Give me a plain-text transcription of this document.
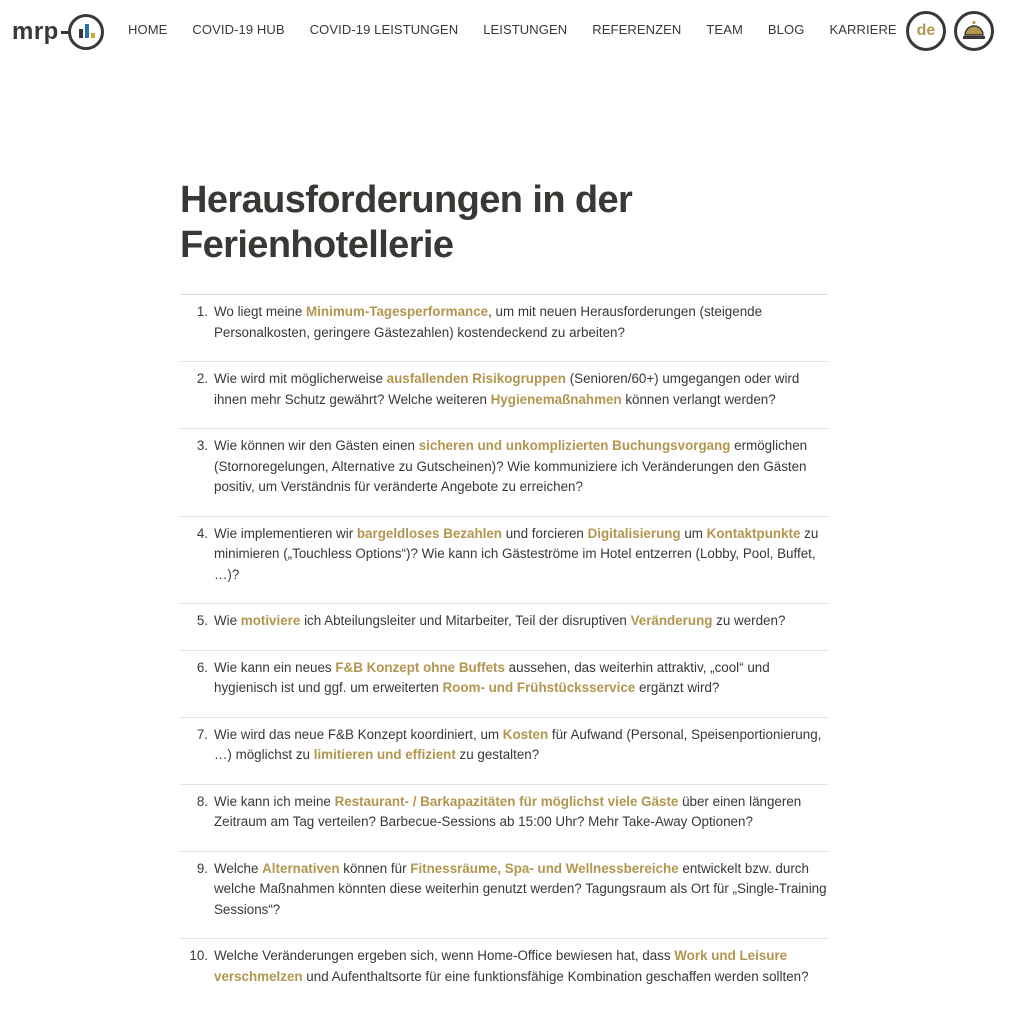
mrp	HOME COVID-19 HUB COVID-19 LEISTUNGEN LEISTUNGEN REFERENZEN TEAM BLOG KARRIERE de
Herausforderungen in der Ferienhotellerie
1. Wo liegt meine Minimum-Tagesperformance, um mit neuen Herausforderungen (steigende Personalkosten, geringere Gästezahlen) kostendeckend zu arbeiten?
2. Wie wird mit möglicherweise ausfallenden Risikogruppen (Senioren/60+) umgegangen oder wird ihnen mehr Schutz gewährt? Welche weiteren Hygienemaßnahmen können verlangt werden?
3. Wie können wir den Gästen einen sicheren und unkomplizierten Buchungsvorgang ermöglichen (Stornoregelungen, Alternative zu Gutscheinen)? Wie kommuniziere ich Veränderungen den Gästen positiv, um Verständnis für veränderte Angebote zu erreichen?
4. Wie implementieren wir bargeldloses Bezahlen und forcieren Digitalisierung um Kontaktpunkte zu minimieren („Touchless Options“)? Wie kann ich Gästeströme im Hotel entzerren (Lobby, Pool, Buffet, …)?
5. Wie motiviere ich Abteilungsleiter und Mitarbeiter, Teil der disruptiven Veränderung zu werden?
6. Wie kann ein neues F&B Konzept ohne Buffets aussehen, das weiterhin attraktiv, „cool“ und hygienisch ist und ggf. um erweiterten Room- und Frühstücksservice ergänzt wird?
7. Wie wird das neue F&B Konzept koordiniert, um Kosten für Aufwand (Personal, Speisenportionierung, …) möglichst zu limitieren und effizient zu gestalten?
8. Wie kann ich meine Restaurant- / Barkapazitäten für möglichst viele Gäste über einen längeren Zeitraum am Tag verteilen? Barbecue-Sessions ab 15:00 Uhr? Mehr Take-Away Optionen?
9. Welche Alternativen können für Fitnessräume, Spa- und Wellnessbereiche entwickelt bzw. durch welche Maßnahmen könnten diese weiterhin genutzt werden? Tagungsraum als Ort für „Single-Training Sessions“?
10. Welche Veränderungen ergeben sich, wenn Home-Office bewiesen hat, dass Work und Leisure verschmelzen und Aufenthaltsorte für eine funktionsfähige Kombination geschaffen werden sollten?
